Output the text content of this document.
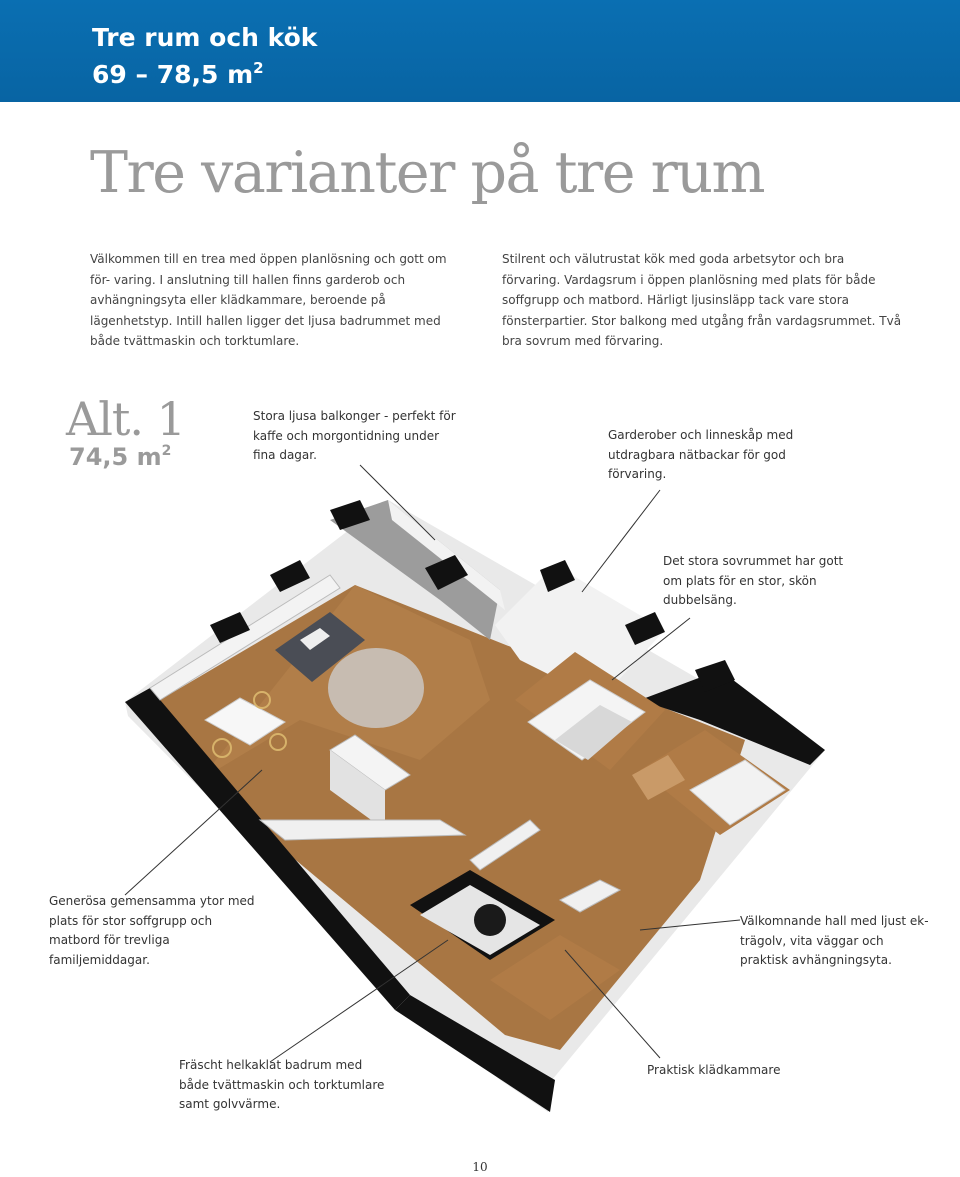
Tre rum och kök
69 – 78,5 $m^2$
Tre varianter på tre rum
Välkommen till en trea med öppen planlösning och gott om för- varing. I anslutning till hallen finns garderob och avhängningsyta eller klädkammare, beroende på lägenhetstyp. Intill hallen ligger det ljusa badrummet med både tvättmaskin och torktumlare.
Stilrent och välutrustat kök med goda arbetsytor och bra förvaring. Vardagsrum i öppen planlösning med plats för både soffgrupp och matbord. Härligt ljusinsläpp tack vare stora fönsterpartier. Stor balkong med utgång från vardagsrummet. Två bra sovrum med förvaring.
Alt. 1
74,5 $m^2$
Stora ljusa balkonger - perfekt för kaffe och morgontidning under fina dagar.
Garderober och linneskåp med utdragbara nätbackar för god förvaring.
Det stora sovrummet har gott om plats för en stor, skön dubbelsäng.
Generösa gemensamma ytor med plats för stor soffgrupp och matbord för trevliga familjemiddagar.
Välkomnande hall med ljust ek- trägolv, vita väggar och praktisk avhängningsyta.
Fräscht helkaklat badrum med både tvättmaskin och torktumlare samt golvvärme.
Praktisk klädkammare
10
